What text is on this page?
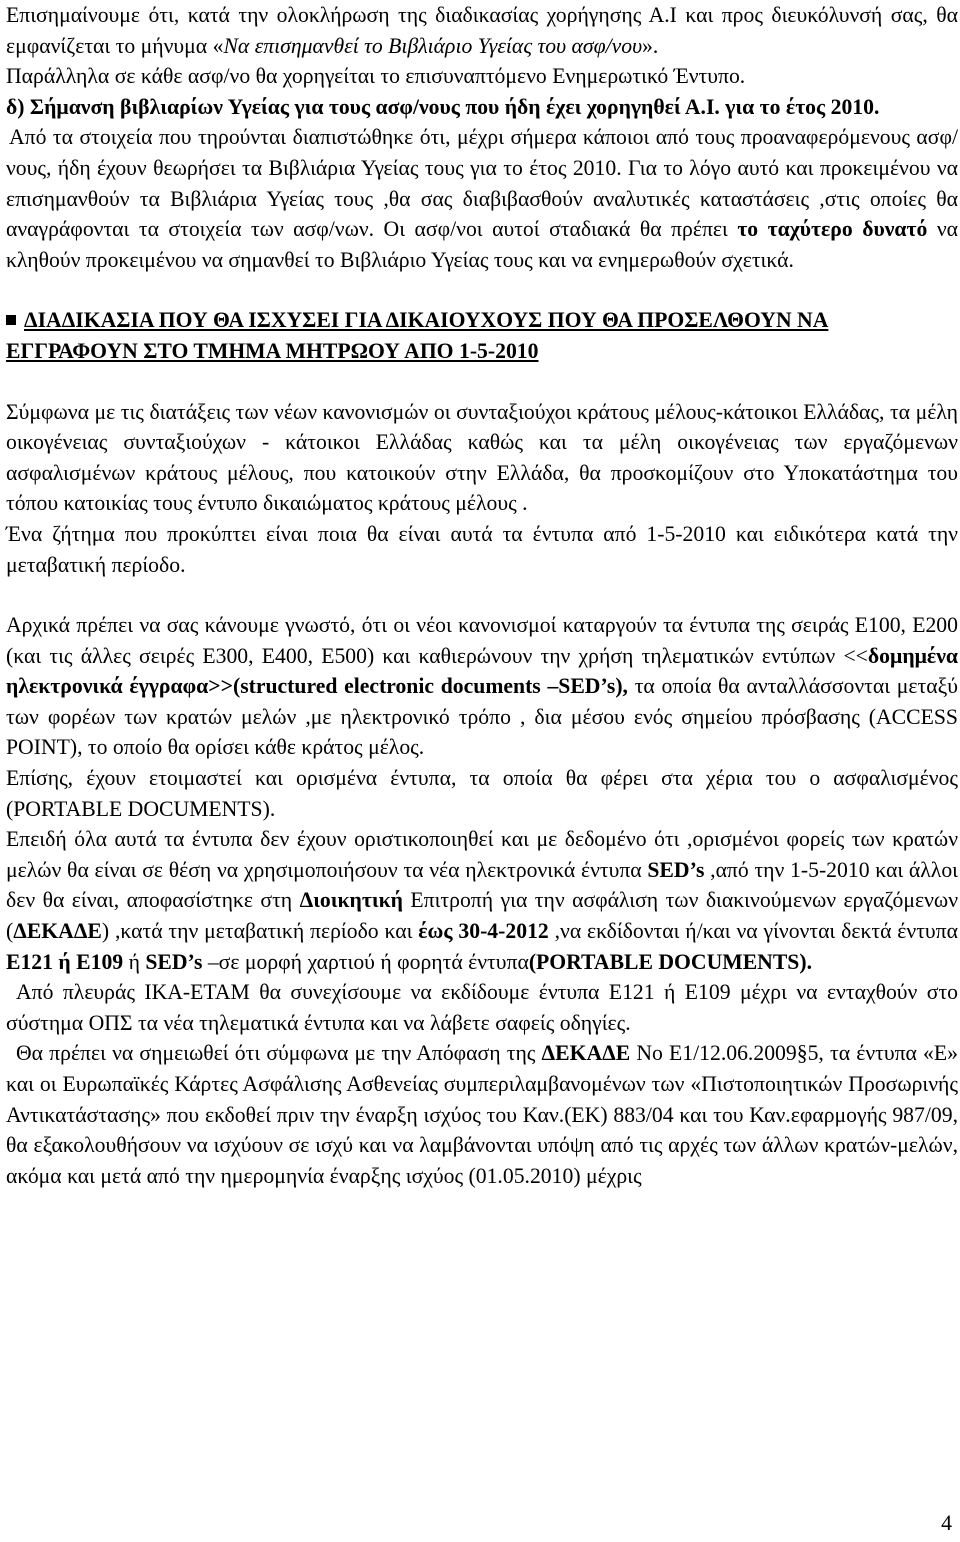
Επισημαίνουμε ότι, κατά την ολοκλήρωση της διαδικασίας χορήγησης Α.Ι και προς διευκόλυνσή σας, θα εμφανίζεται το μήνυμα «Να επισημανθεί το Βιβλιάριο Υγείας του ασφ/νου».

Παράλληλα σε κάθε ασφ/νο θα χορηγείται το επισυναπτόμενο Ενημερωτικό Έντυπο.

δ) Σήμανση βιβλιαρίων Υγείας για τους ασφ/νους που ήδη έχει χορηγηθεί Α.Ι. για το έτος 2010.

Από τα στοιχεία που τηρούνται διαπιστώθηκε ότι, μέχρι σήμερα κάποιοι από τους προαναφερόμενους ασφ/νους, ήδη έχουν θεωρήσει τα Βιβλιάρια Υγείας τους για το έτος 2010. Για το λόγο αυτό και προκειμένου να επισημανθούν τα Βιβλιάρια Υγείας τους ,θα σας διαβιβασθούν αναλυτικές καταστάσεις ,στις οποίες θα αναγράφονται τα στοιχεία των ασφ/νων. Οι ασφ/νοι αυτοί σταδιακά θα πρέπει το ταχύτερο δυνατό να κληθούν προκειμένου να σημανθεί το Βιβλιάριο Υγείας τους και να ενημερωθούν σχετικά.

ΔΙΑΔΙΚΑΣΙΑ ΠΟΥ ΘΑ ΙΣΧΥΣΕΙ ΓΙΑ ΔΙΚΑΙΟΥΧΟΥΣ ΠΟΥ ΘΑ ΠΡΟΣΕΛΘΟΥΝ ΝΑ ΕΓΓΡΑΦΟΥΝ ΣΤΟ ΤΜΗΜΑ ΜΗΤΡΩΟΥ ΑΠΟ 1-5-2010

Σύμφωνα με τις διατάξεις των νέων κανονισμών οι συνταξιούχοι κράτους μέλους-κάτοικοι Ελλάδας, τα μέλη οικογένειας συνταξιούχων - κάτοικοι Ελλάδας καθώς και τα μέλη οικογένειας των εργαζόμενων ασφαλισμένων κράτους μέλους, που κατοικούν στην Ελλάδα, θα προσκομίζουν στο Υποκατάστημα του τόπου κατοικίας τους έντυπο δικαιώματος κράτους μέλους .

Ένα ζήτημα που προκύπτει είναι ποια θα είναι αυτά τα έντυπα από 1-5-2010 και ειδικότερα κατά την μεταβατική περίοδο.

Αρχικά πρέπει να σας κάνουμε γνωστό, ότι οι νέοι κανονισμοί καταργούν τα έντυπα της σειράς Ε100, Ε200 (και τις άλλες σειρές Ε300, Ε400, Ε500) και καθιερώνουν την χρήση τηλεματικών εντύπων <<δομημένα ηλεκτρονικά έγγραφα>>(structured electronic documents –SED’s), τα οποία θα ανταλλάσσονται μεταξύ των φορέων των κρατών μελών ,με ηλεκτρονικό τρόπο , δια μέσου ενός σημείου πρόσβασης (ACCESS POINT), το οποίο θα ορίσει κάθε κράτος μέλος.

Επίσης, έχουν ετοιμαστεί και ορισμένα έντυπα, τα οποία θα φέρει στα χέρια του ο ασφαλισμένος (PORTABLE DOCUMENTS).

Επειδή όλα αυτά τα έντυπα δεν έχουν οριστικοποιηθεί και με δεδομένο ότι ,ορισμένοι φορείς των κρατών μελών θα είναι σε θέση να χρησιμοποιήσουν τα νέα ηλεκτρονικά έντυπα SED’s ,από την 1-5-2010 και άλλοι δεν θα είναι, αποφασίστηκε στη Διοικητική Επιτροπή για την ασφάλιση των διακινούμενων εργαζόμενων (ΔΕΚΑΔΕ) ,κατά την μεταβατική περίοδο και έως 30-4-2012 ,να εκδίδονται ή/και να γίνονται δεκτά έντυπα Ε121 ή Ε109 ή SED’s –σε μορφή χαρτιού ή φορητά έντυπα(PORTABLE DOCUMENTS).

Από πλευράς ΙΚΑ-ΕΤΑΜ θα συνεχίσουμε να εκδίδουμε έντυπα Ε121 ή Ε109 μέχρι να ενταχθούν στο σύστημα ΟΠΣ τα νέα τηλεματικά έντυπα και να λάβετε σαφείς οδηγίες.

Θα πρέπει να σημειωθεί ότι σύμφωνα με την Απόφαση της ΔΕΚΑΔΕ Νο Ε1/12.06.2009§5, τα έντυπα «Ε» και οι Ευρωπαϊκές Κάρτες Ασφάλισης Ασθενείας συμπεριλαμβανομένων των «Πιστοποιητικών Προσωρινής Αντικατάστασης» που εκδοθεί πριν την έναρξη ισχύος του Καν.(ΕΚ) 883/04 και του Καν.εφαρμογής 987/09, θα εξακολουθήσουν να ισχύουν σε ισχύ και να λαμβάνονται υπόψη από τις αρχές των άλλων κρατών-μελών, ακόμα και μετά από την ημερομηνία έναρξης ισχύος (01.05.2010) μέχρις

4
